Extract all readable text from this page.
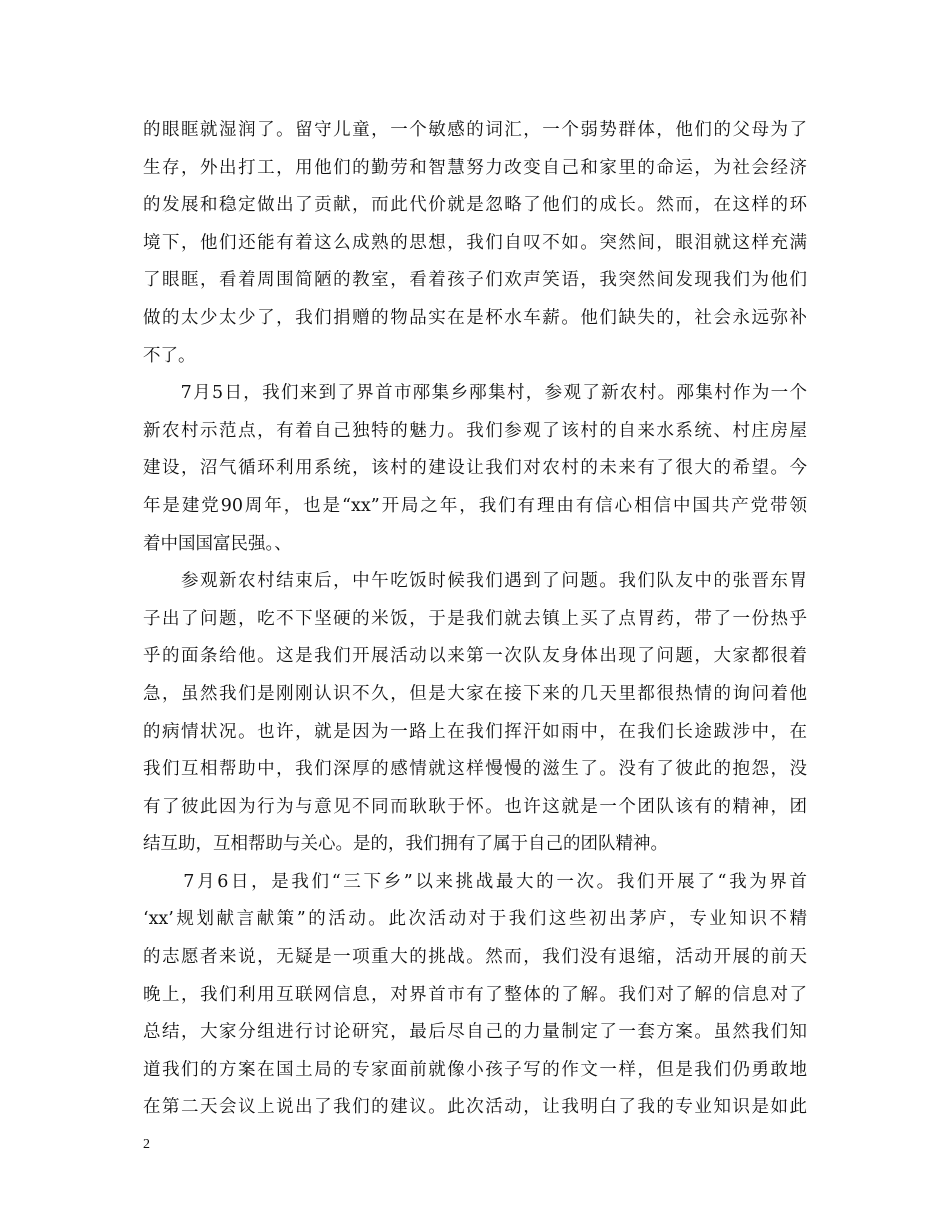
的眼眶就湿润了。留守儿童，一个敏感的词汇，一个弱势群体，他们的父母为了
生存，外出打工，用他们的勤劳和智慧努力改变自己和家里的命运，为社会经济
的发展和稳定做出了贡献，而此代价就是忽略了他们的成长。然而，在这样的环
境下，他们还能有着这么成熟的思想，我们自叹不如。突然间，眼泪就这样充满
了眼眶，看着周围简陋的教室，看着孩子们欢声笑语，我突然间发现我们为他们
做的太少太少了，我们捐赠的物品实在是杯水车薪。他们缺失的，社会永远弥补
不了。
　　7月5日，我们来到了界首市邴集乡邴集村，参观了新农村。邴集村作为一个
新农村示范点，有着自己独特的魅力。我们参观了该村的自来水系统、村庄房屋
建设，沼气循环利用系统，该村的建设让我们对农村的未来有了很大的希望。今
年是建党90周年，也是“xx”开局之年，我们有理由有信心相信中国共产党带领
着中国国富民强。、
　　参观新农村结束后，中午吃饭时候我们遇到了问题。我们队友中的张晋东胃
子出了问题，吃不下坚硬的米饭，于是我们就去镇上买了点胃药，带了一份热乎
乎的面条给他。这是我们开展活动以来第一次队友身体出现了问题，大家都很着
急，虽然我们是刚刚认识不久，但是大家在接下来的几天里都很热情的询问着他
的病情状况。也许，就是因为一路上在我们挥汗如雨中，在我们长途跋涉中，在
我们互相帮助中，我们深厚的感情就这样慢慢的滋生了。没有了彼此的抱怨，没
有了彼此因为行为与意见不同而耿耿于怀。也许这就是一个团队该有的精神，团
结互助，互相帮助与关心。是的，我们拥有了属于自己的团队精神。
　　7月6日，是我们“三下乡”以来挑战最大的一次。我们开展了“我为界首
‘xx’规划献言献策”的活动。此次活动对于我们这些初出茅庐，专业知识不精
的志愿者来说，无疑是一项重大的挑战。然而，我们没有退缩，活动开展的前天
晚上，我们利用互联网信息，对界首市有了整体的了解。我们对了解的信息对了
总结，大家分组进行讨论研究，最后尽自己的力量制定了一套方案。虽然我们知
道我们的方案在国土局的专家面前就像小孩子写的作文一样，但是我们仍勇敢地
在第二天会议上说出了我们的建议。此次活动，让我明白了我的专业知识是如此
2
